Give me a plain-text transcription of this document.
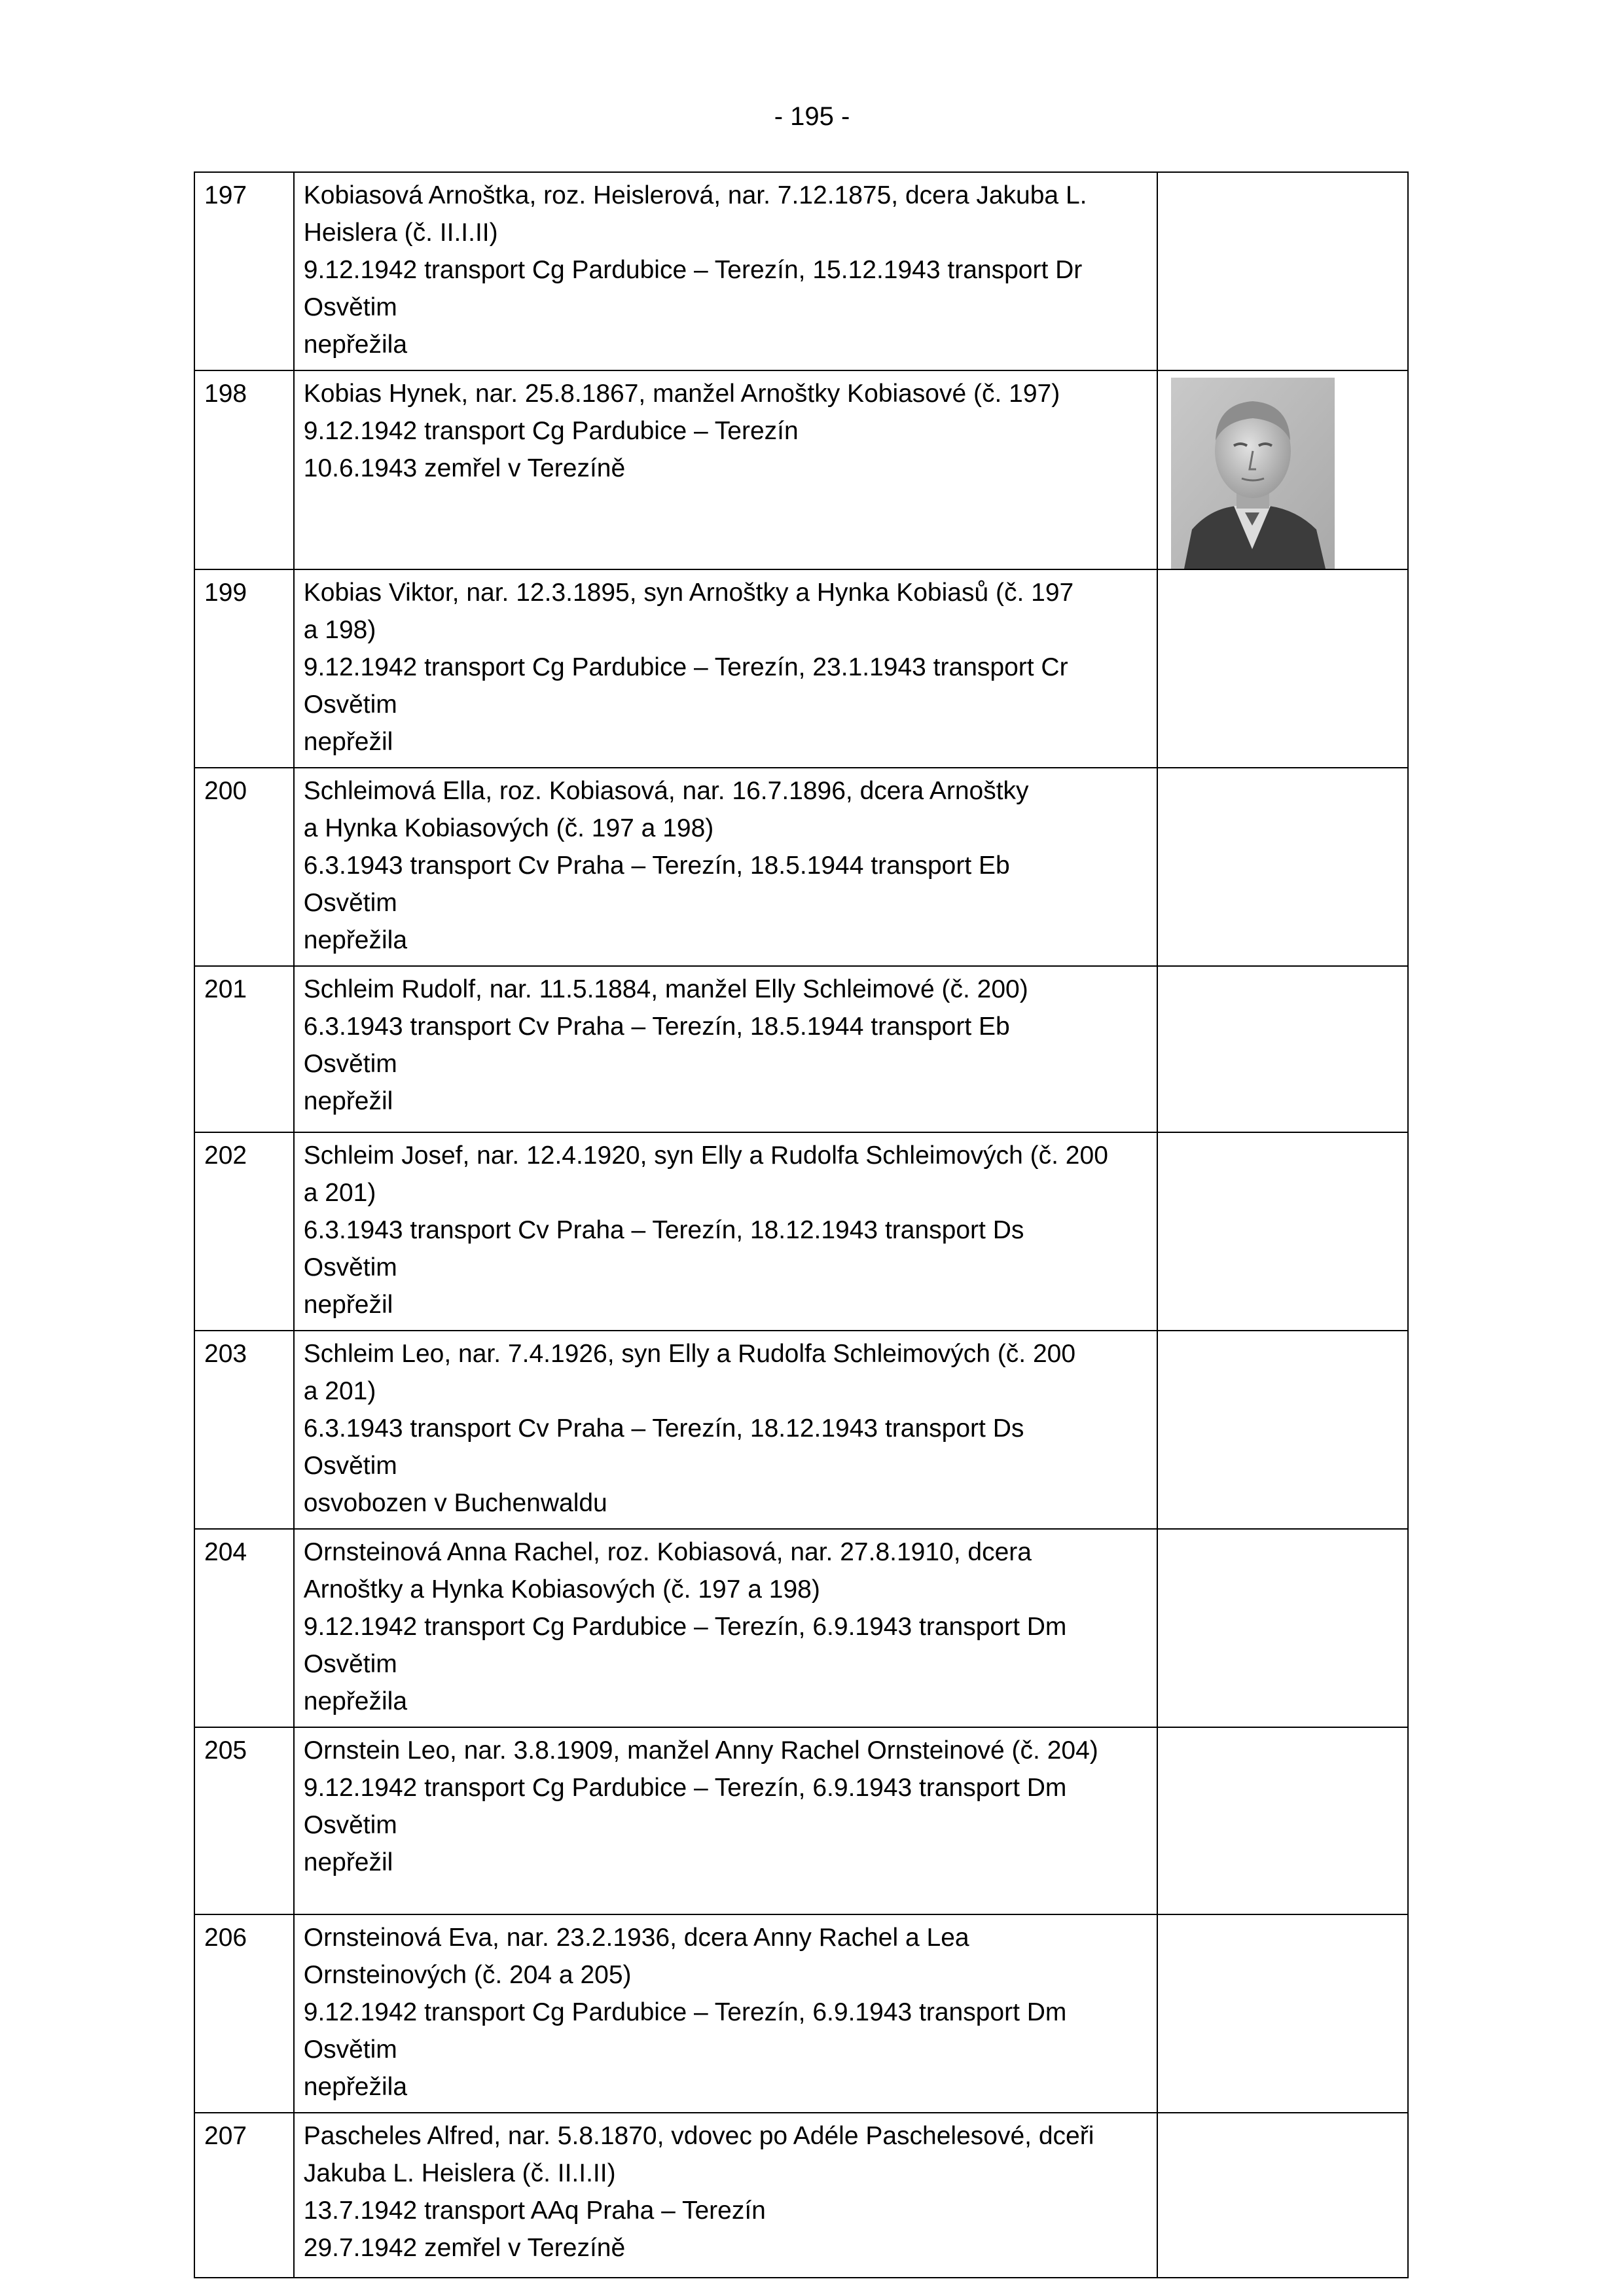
- 195 -
197	Kobiasová Arnoštka, roz. Heislerová, nar. 7.12.1875, dcera Jakuba L.
Heislera (č. II.I.II)
9.12.1942 transport Cg Pardubice – Terezín, 15.12.1943 transport Dr
Osvětim
nepřežila	

198	Kobias Hynek, nar. 25.8.1867, manžel Arnoštky Kobiasové (č. 197)
9.12.1942 transport Cg Pardubice – Terezín
10.6.1943 zemřel v Terezíně

199	Kobias Viktor, nar. 12.3.1895, syn Arnoštky a Hynka Kobiasů (č. 197
a 198)
9.12.1942 transport Cg Pardubice – Terezín, 23.1.1943 transport Cr
Osvětim
nepřežil	

200	Schleimová Ella, roz. Kobiasová, nar. 16.7.1896, dcera Arnoštky
a Hynka Kobiasových (č. 197 a 198)
6.3.1943 transport Cv Praha – Terezín, 18.5.1944 transport Eb
Osvětim
nepřežila	

201	Schleim Rudolf, nar. 11.5.1884, manžel Elly Schleimové (č. 200)
6.3.1943 transport Cv Praha – Terezín, 18.5.1944 transport Eb
Osvětim
nepřežil	

202	Schleim Josef, nar. 12.4.1920, syn Elly a Rudolfa Schleimových (č. 200
a 201)
6.3.1943 transport Cv Praha – Terezín, 18.12.1943 transport Ds
Osvětim
nepřežil	

203	Schleim Leo, nar. 7.4.1926, syn Elly a Rudolfa Schleimových (č. 200
a 201)
6.3.1943 transport Cv Praha – Terezín, 18.12.1943 transport Ds
Osvětim
osvobozen v Buchenwaldu	

204	Ornsteinová Anna Rachel, roz. Kobiasová, nar. 27.8.1910, dcera
Arnoštky a Hynka Kobiasových (č. 197 a 198)
9.12.1942 transport Cg Pardubice – Terezín, 6.9.1943 transport Dm
Osvětim
nepřežila	

205	Ornstein Leo, nar. 3.8.1909, manžel Anny Rachel Ornsteinové (č. 204)
9.12.1942 transport Cg Pardubice – Terezín, 6.9.1943 transport Dm
Osvětim
nepřežil	

206	Ornsteinová Eva, nar. 23.2.1936, dcera Anny Rachel a Lea
Ornsteinových (č. 204 a 205)
9.12.1942 transport Cg Pardubice – Terezín, 6.9.1943 transport Dm
Osvětim
nepřežila	

207	Pascheles Alfred, nar. 5.8.1870, vdovec po Adéle Paschelesové, dceři
Jakuba L. Heislera (č. II.I.II)
13.7.1942 transport AAq Praha – Terezín
29.7.1942 zemřel v Terezíně	
